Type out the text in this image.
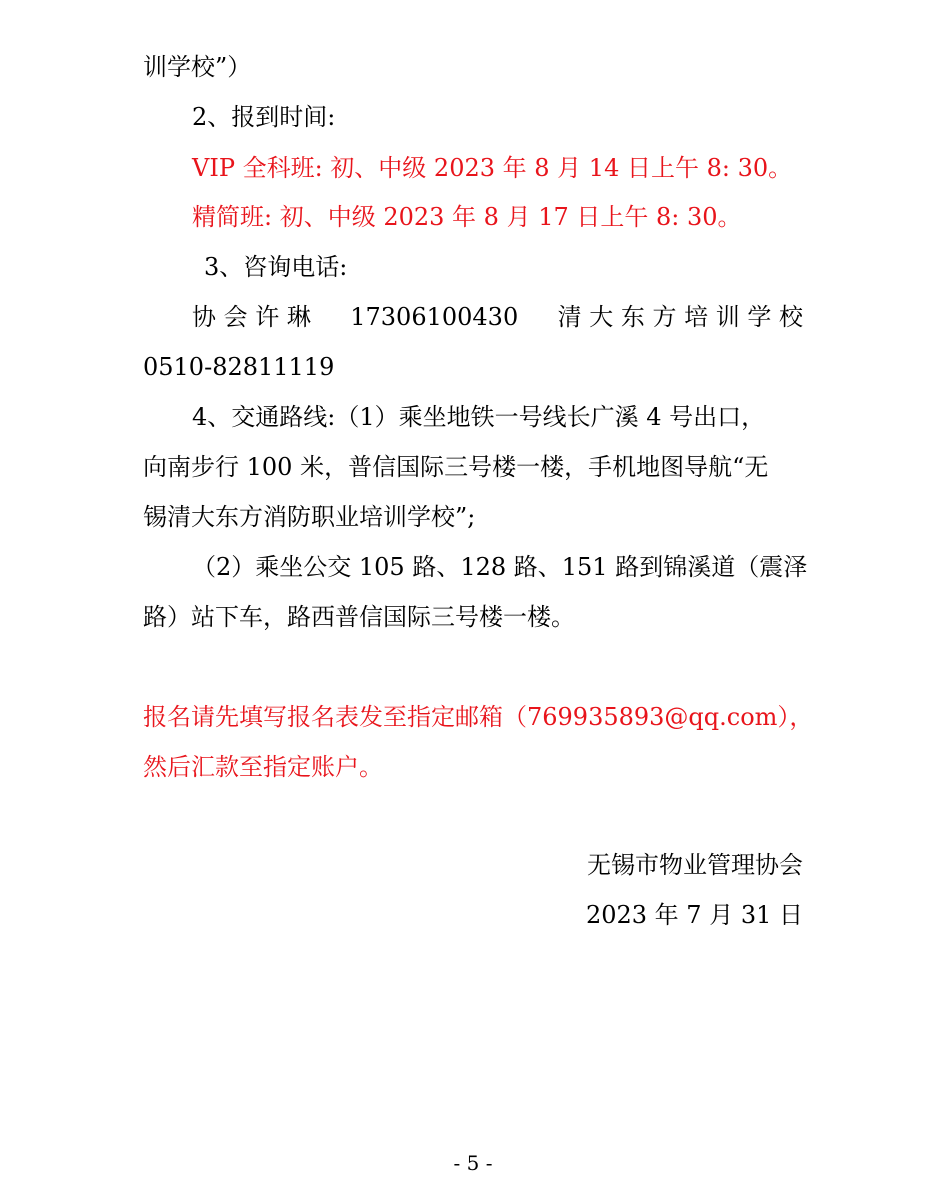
训学校”）
2、报到时间:
VIP 全科班: 初、中级 2023 年 8 月 14 日上午 8: 30。
精简班: 初、中级 2023 年 8 月 17 日上午 8: 30。
3、咨询电话:
协 会 许 琳 17306100430 清 大 东 方 培 训 学 校
0510-82811119
4、交通路线:（1）乘坐地铁一号线长广溪 4 号出口，
向南步行 100 米，普信国际三号楼一楼，手机地图导航“无
锡清大东方消防职业培训学校”;
（2）乘坐公交 105 路、128 路、151 路到锦溪道（震泽
路）站下车，路西普信国际三号楼一楼。
报名请先填写报名表发至指定邮箱（769935893@qq.com），
然后汇款至指定账户。
无锡市物业管理协会
2023 年 7 月 31 日
- 5 -
